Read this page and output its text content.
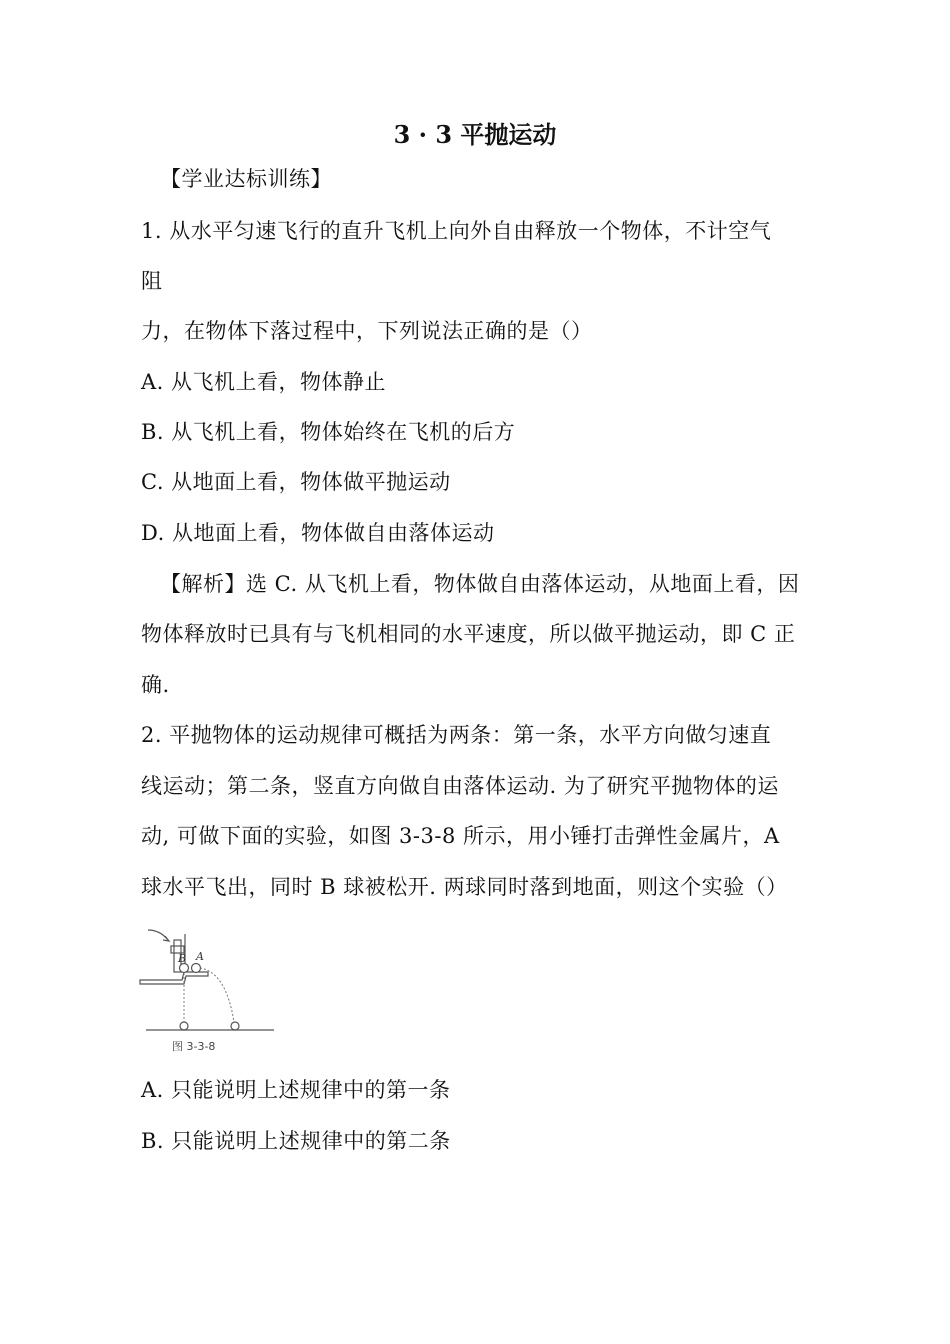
3 · 3 平抛运动
【学业达标训练】
1. 从水平匀速飞行的直升飞机上向外自由释放一个物体，不计空气
阻
力，在物体下落过程中，下列说法正确的是（）
A. 从飞机上看，物体静止
B. 从飞机上看，物体始终在飞机的后方
C. 从地面上看，物体做平抛运动
D. 从地面上看，物体做自由落体运动
【解析】选 C. 从飞机上看，物体做自由落体运动，从地面上看，因
物体释放时已具有与飞机相同的水平速度，所以做平抛运动，即 C 正
确.
2. 平抛物体的运动规律可概括为两条：第一条，水平方向做匀速直
线运动；第二条，竖直方向做自由落体运动. 为了研究平抛物体的运
动, 可做下面的实验，如图 3-3-8 所示，用小锤打击弹性金属片，A
球水平飞出，同时 B 球被松开. 两球同时落到地面，则这个实验（）
B A
图 3-3-8
A. 只能说明上述规律中的第一条
B. 只能说明上述规律中的第二条
